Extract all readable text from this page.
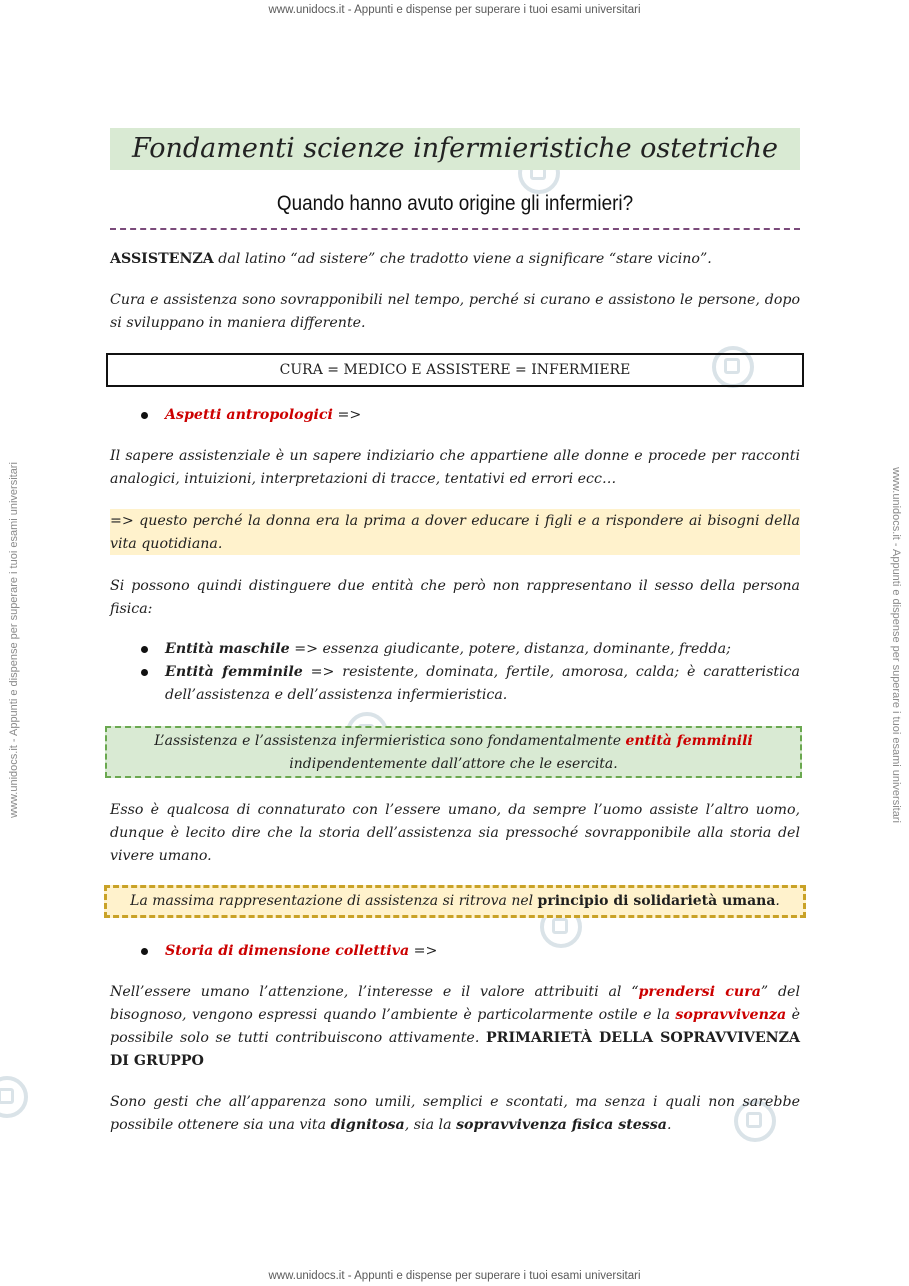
www.unidocs.it - Appunti e dispense per superare i tuoi esami universitari
www.unidocs.it - Appunti e dispense per superare i tuoi esami universitari
www.unidocs.it - Appunti e dispense per superare i tuoi esami universitari	www.unidocs.it - Appunti e dispense per superare i tuoi esami universitari
Fondamenti scienze infermieristiche ostetriche
Quando hanno avuto origine gli infermieri?

ASSISTENZA dal latino “ad sistere” che tradotto viene a significare “stare vicino”.

Cura e assistenza sono sovrapponibili nel tempo, perché si curano e assistono le persone, dopo si sviluppano in maniera differente.

CURA = MEDICO E ASSISTERE = INFERMIERE
Aspetti antropologici =>

Il sapere assistenziale è un sapere indiziario che appartiene alle donne e procede per racconti analogici, intuizioni, interpretazioni di tracce, tentativi ed errori ecc…

=> questo perché la donna era la prima a dover educare i figli e a rispondere ai bisogni della vita quotidiana.

Si possono quindi distinguere due entità che però non rappresentano il sesso della persona fisica:

Entità maschile => essenza giudicante, potere, distanza, dominante, fredda;
Entità femminile => resistente, dominata, fertile, amorosa, calda; è caratteristica dell’assistenza e dell’assistenza infermieristica.
L’assistenza e l’assistenza infermieristica sono fondamentalmente entità femminili
indipendentemente dall’attore che le esercita.

Esso è qualcosa di connaturato con l’essere umano, da sempre l’uomo assiste l’altro uomo, dunque è lecito dire che la storia dell’assistenza sia pressoché sovrapponibile alla storia del vivere umano.

La massima rappresentazione di assistenza si ritrova nel principio di solidarietà umana.
Storia di dimensione collettiva =>

Nell’essere umano l’attenzione, l’interesse e il valore attribuiti al “prendersi cura” del bisognoso, vengono espressi quando l’ambiente è particolarmente ostile e la sopravvivenza è possibile solo se tutti contribuiscono attivamente. PRIMARIETÀ DELLA SOPRAVVIVENZA DI GRUPPO

Sono gesti che all’apparenza sono umili, semplici e scontati, ma senza i quali non sarebbe possibile ottenere sia una vita dignitosa, sia la sopravvivenza fisica stessa.
